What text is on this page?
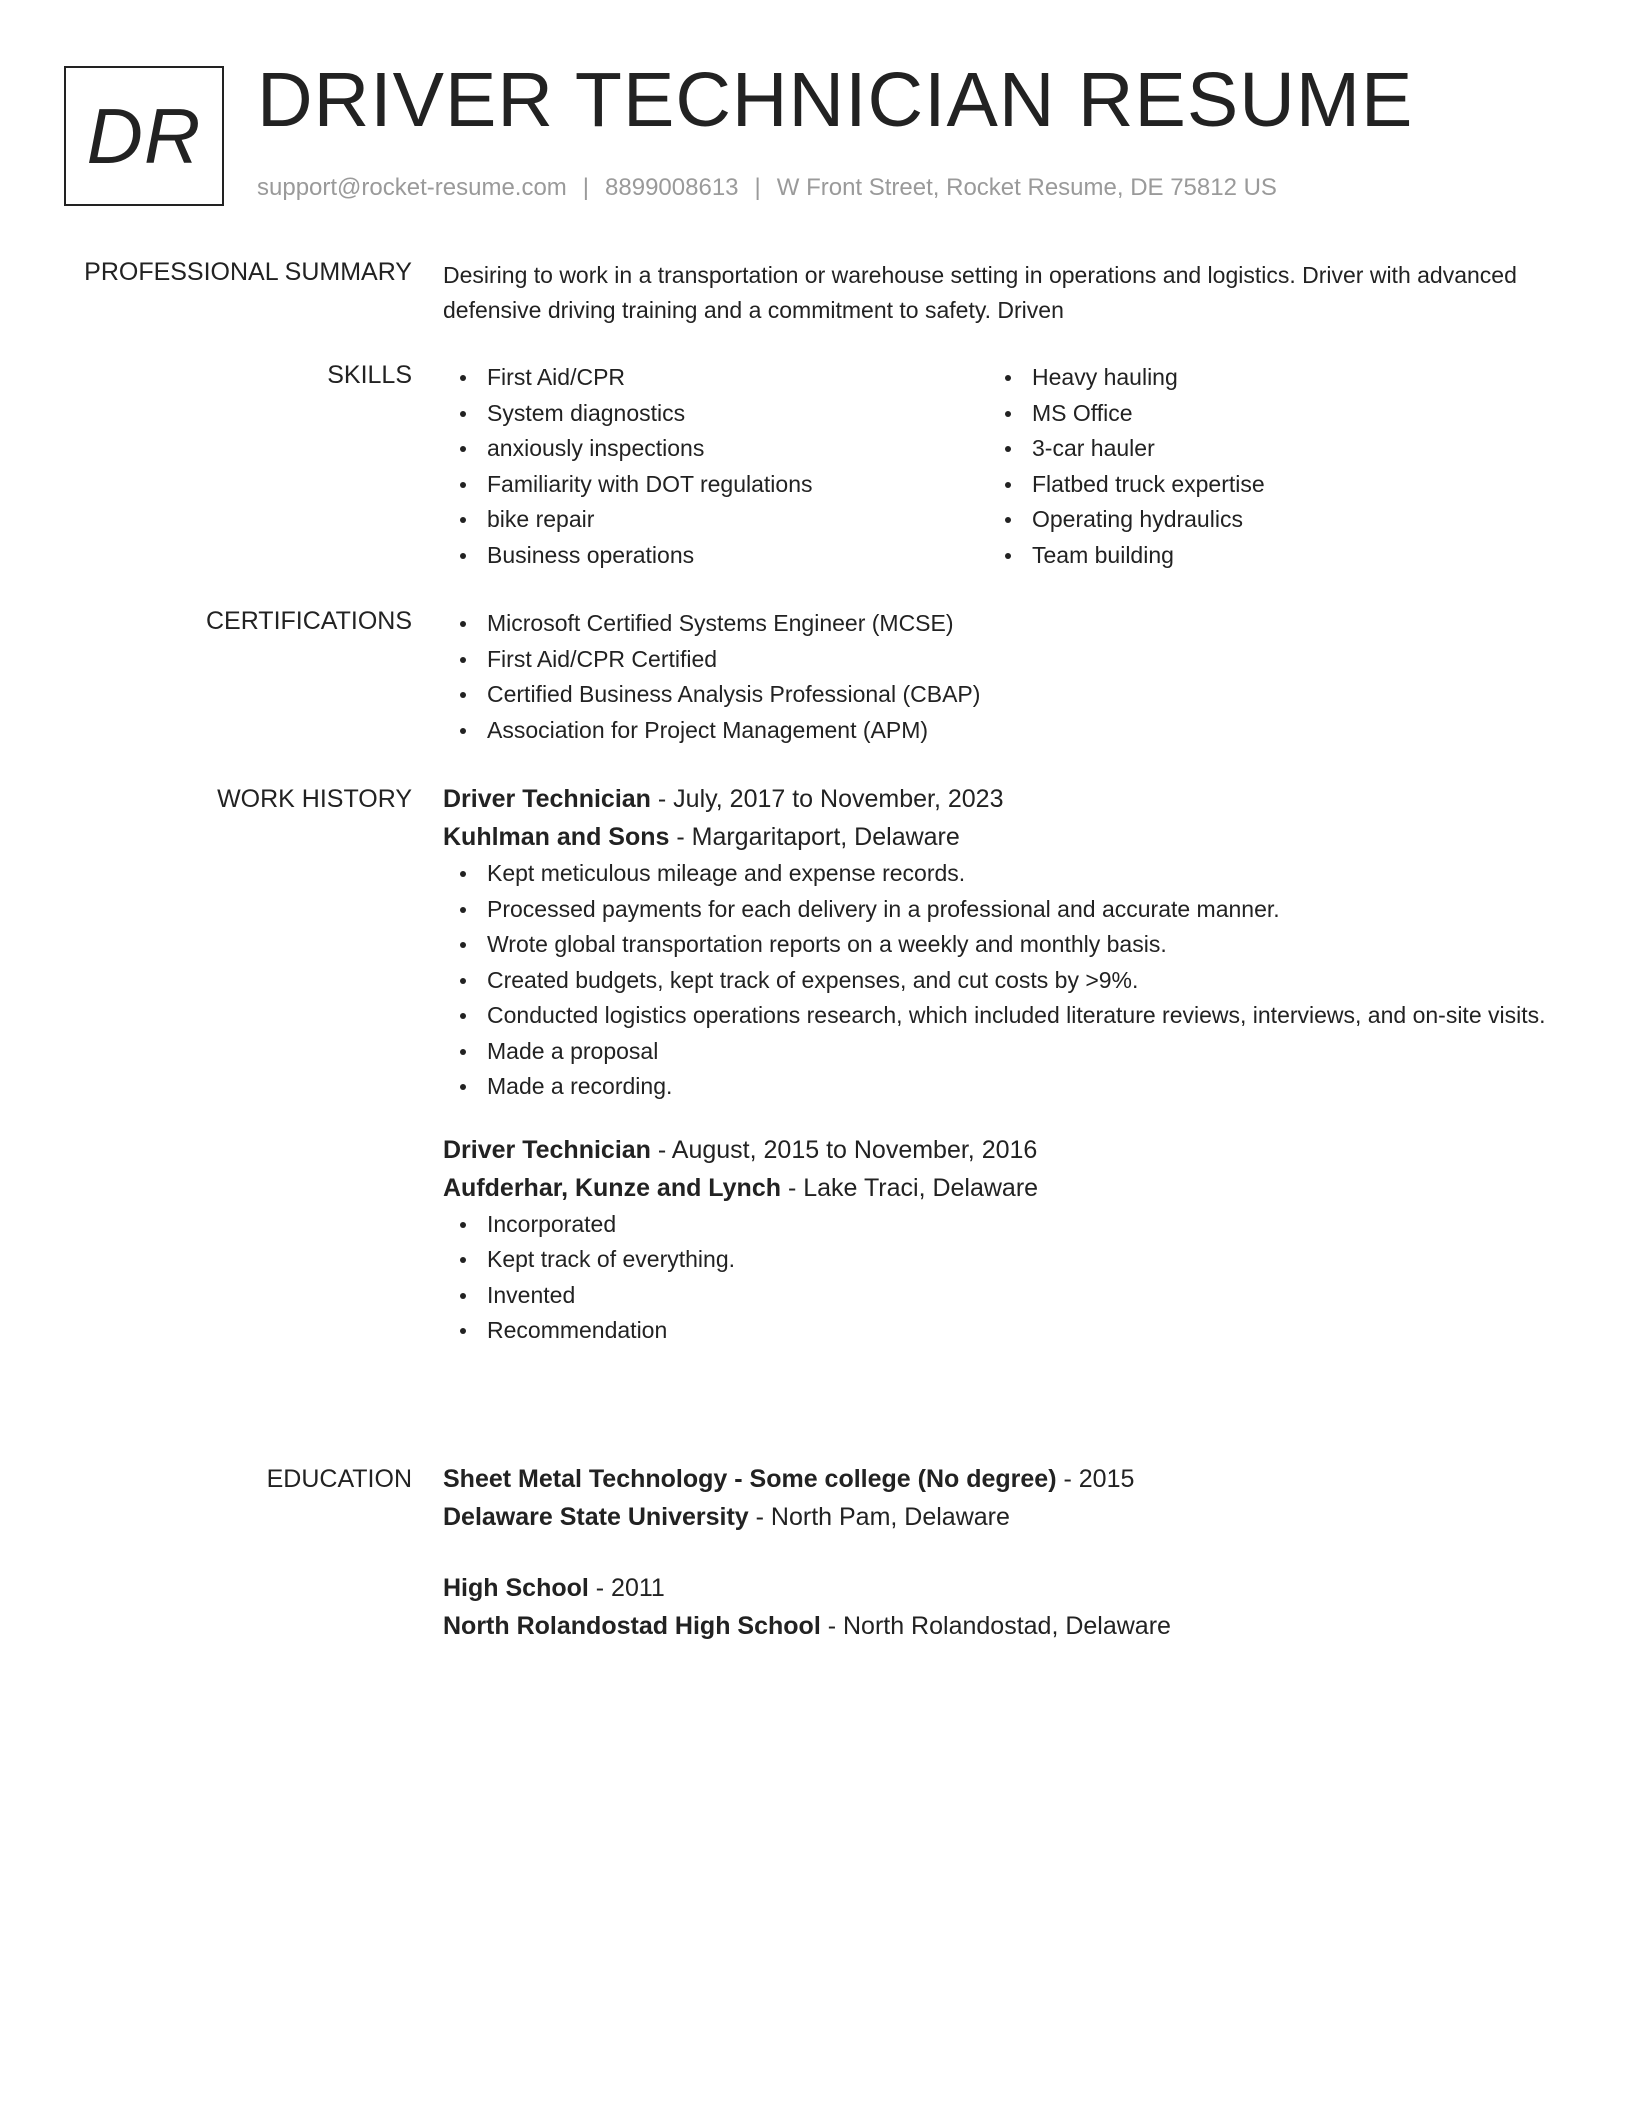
DR DRIVER TECHNICIAN RESUME
support@rocket-resume.com | 8899008613 | W Front Street, Rocket Resume, DE 75812 US
PROFESSIONAL SUMMARY Desiring to work in a transportation or warehouse setting in operations and logistics. Driver with advanced defensive driving training and a commitment to safety. Driven

SKILLS	First Aid/CPR
System diagnostics
anxiously inspections
Familiarity with DOT regulations
bike repair
Business operations
Heavy hauling
MS Office
3-car hauler
Flatbed truck expertise
Operating hydraulics
Team building
CERTIFICATIONS	Microsoft Certified Systems Engineer (MCSE)
First Aid/CPR Certified
Certified Business Analysis Professional (CBAP)
Association for Project Management (APM)
WORK HISTORY Driver Technician - July, 2017 to November, 2023
Kuhlman and Sons - Margaritaport, Delaware
Kept meticulous mileage and expense records.
Processed payments for each delivery in a professional and accurate manner.
Wrote global transportation reports on a weekly and monthly basis.
Created budgets, kept track of expenses, and cut costs by >9%.
Conducted logistics operations research, which included literature reviews, interviews, and on-site visits.
Made a proposal
Made a recording.
Driver Technician - August, 2015 to November, 2016
Aufderhar, Kunze and Lynch - Lake Traci, Delaware
Incorporated
Kept track of everything.
Invented
Recommendation
EDUCATION Sheet Metal Technology - Some college (No degree) - 2015
Delaware State University - North Pam, Delaware
High School - 2011
North Rolandostad High School - North Rolandostad, Delaware
